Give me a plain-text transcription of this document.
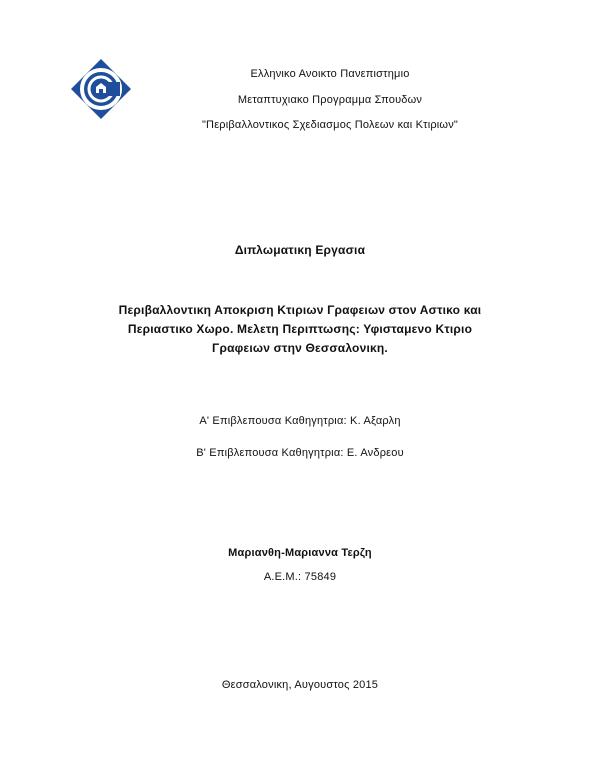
Ελληνικο Ανοικτο Πανεπιστημιο
Μεταπτυχιακο Προγραμμα Σπουδων
"Περιβαλλοντικος Σχεδιασμος Πολεων και Κτιριων"
Διπλωματικη Εργασια
Περιβαλλοντικη Αποκριση Κτιριων Γραφειων στον Αστικο και
Περιαστικο Χωρο. Μελετη Περιπτωσης: Υφισταμενο Κτιριο
Γραφειων στην Θεσσαλονικη.
Α' Επιβλεπουσα Καθηγητρια: Κ. Αξαρλη
Β' Επιβλεπουσα Καθηγητρια: Ε. Ανδρεου
Μαριανθη-Μαριαννα Τερζη
Α.Ε.Μ.: 75849
Θεσσαλονικη, Αυγουστος 2015
